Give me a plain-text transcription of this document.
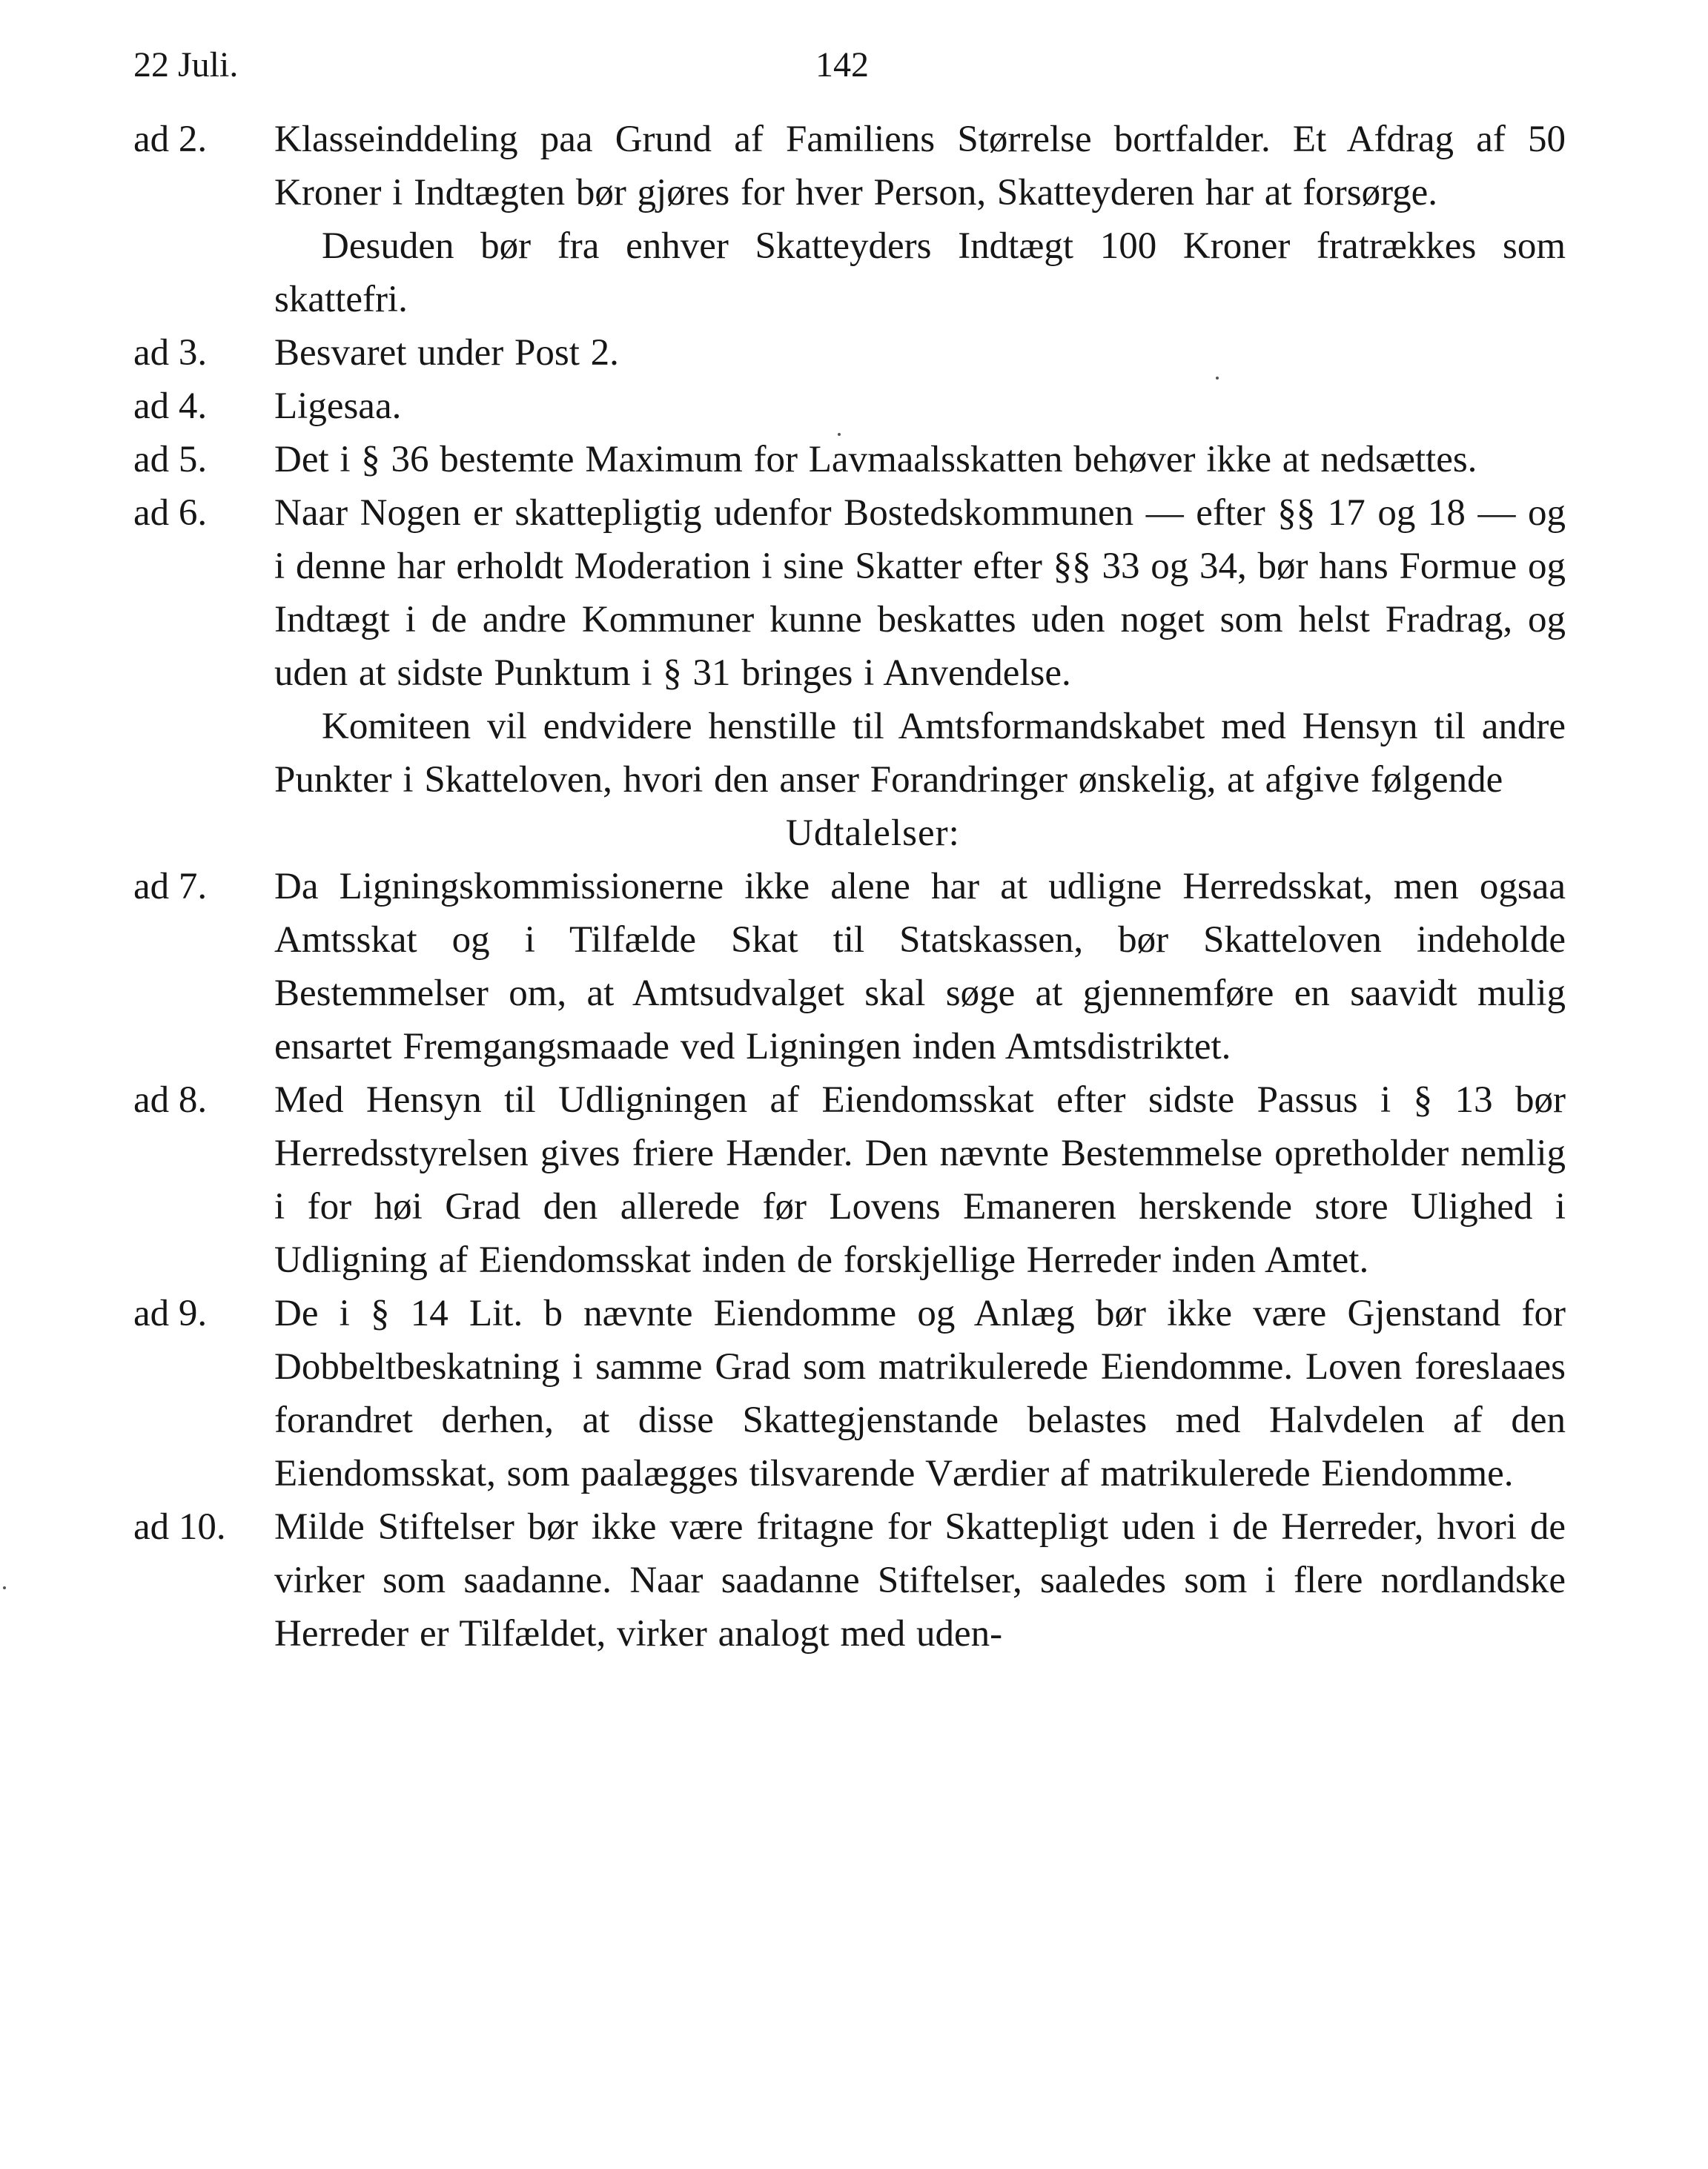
22 Juli.	142
ad 2. Klasseinddeling paa Grund af Familiens Størrelse bortfalder. Et Afdrag af 50 Kroner i Indtægten bør gjøres for hver Person, Skatteyderen har at forsørge.

Desuden bør fra enhver Skatteyders Indtægt 100 Kroner fratrækkes som skattefri.

ad 3. Besvaret under Post 2.

ad 4. Ligesaa.

ad 5. Det i § 36 bestemte Maximum for Lavmaalsskatten behøver ikke at nedsættes.

ad 6. Naar Nogen er skattepligtig udenfor Bostedskommunen — efter §§ 17 og 18 — og i denne har erholdt Moderation i sine Skatter efter §§ 33 og 34, bør hans Formue og Indtægt i de andre Kommuner kunne beskattes uden noget som helst Fradrag, og uden at sidste Punktum i § 31 bringes i Anvendelse.

Komiteen vil endvidere henstille til Amtsformandskabet med Hensyn til andre Punkter i Skatteloven, hvori den anser Forandringer ønskelig, at afgive følgende

Udtalelser:

ad 7. Da Ligningskommissionerne ikke alene har at udligne Herredsskat, men ogsaa Amtsskat og i Tilfælde Skat til Statskassen, bør Skatteloven indeholde Bestemmelser om, at Amtsudvalget skal søge at gjennemføre en saavidt mulig ensartet Fremgangsmaade ved Ligningen inden Amtsdistriktet.

ad 8. Med Hensyn til Udligningen af Eiendomsskat efter sidste Passus i § 13 bør Herredsstyrelsen gives friere Hænder. Den nævnte Bestemmelse opretholder nemlig i for høi Grad den allerede før Lovens Emaneren herskende store Ulighed i Udligning af Eiendomsskat inden de forskjellige Herreder inden Amtet.

ad 9. De i § 14 Lit. b nævnte Eiendomme og Anlæg bør ikke være Gjenstand for Dobbeltbeskatning i samme Grad som matrikulerede Eiendomme. Loven foreslaaes forandret derhen, at disse Skattegjenstande belastes med Halvdelen af den Eiendomsskat, som paalægges tilsvarende Værdier af matrikulerede Eiendomme.

ad 10. Milde Stiftelser bør ikke være fritagne for Skattepligt uden i de Herreder, hvori de virker som saadanne. Naar saadanne Stiftelser, saaledes som i flere nordlandske Herreder er Tilfældet, virker analogt med uden-
